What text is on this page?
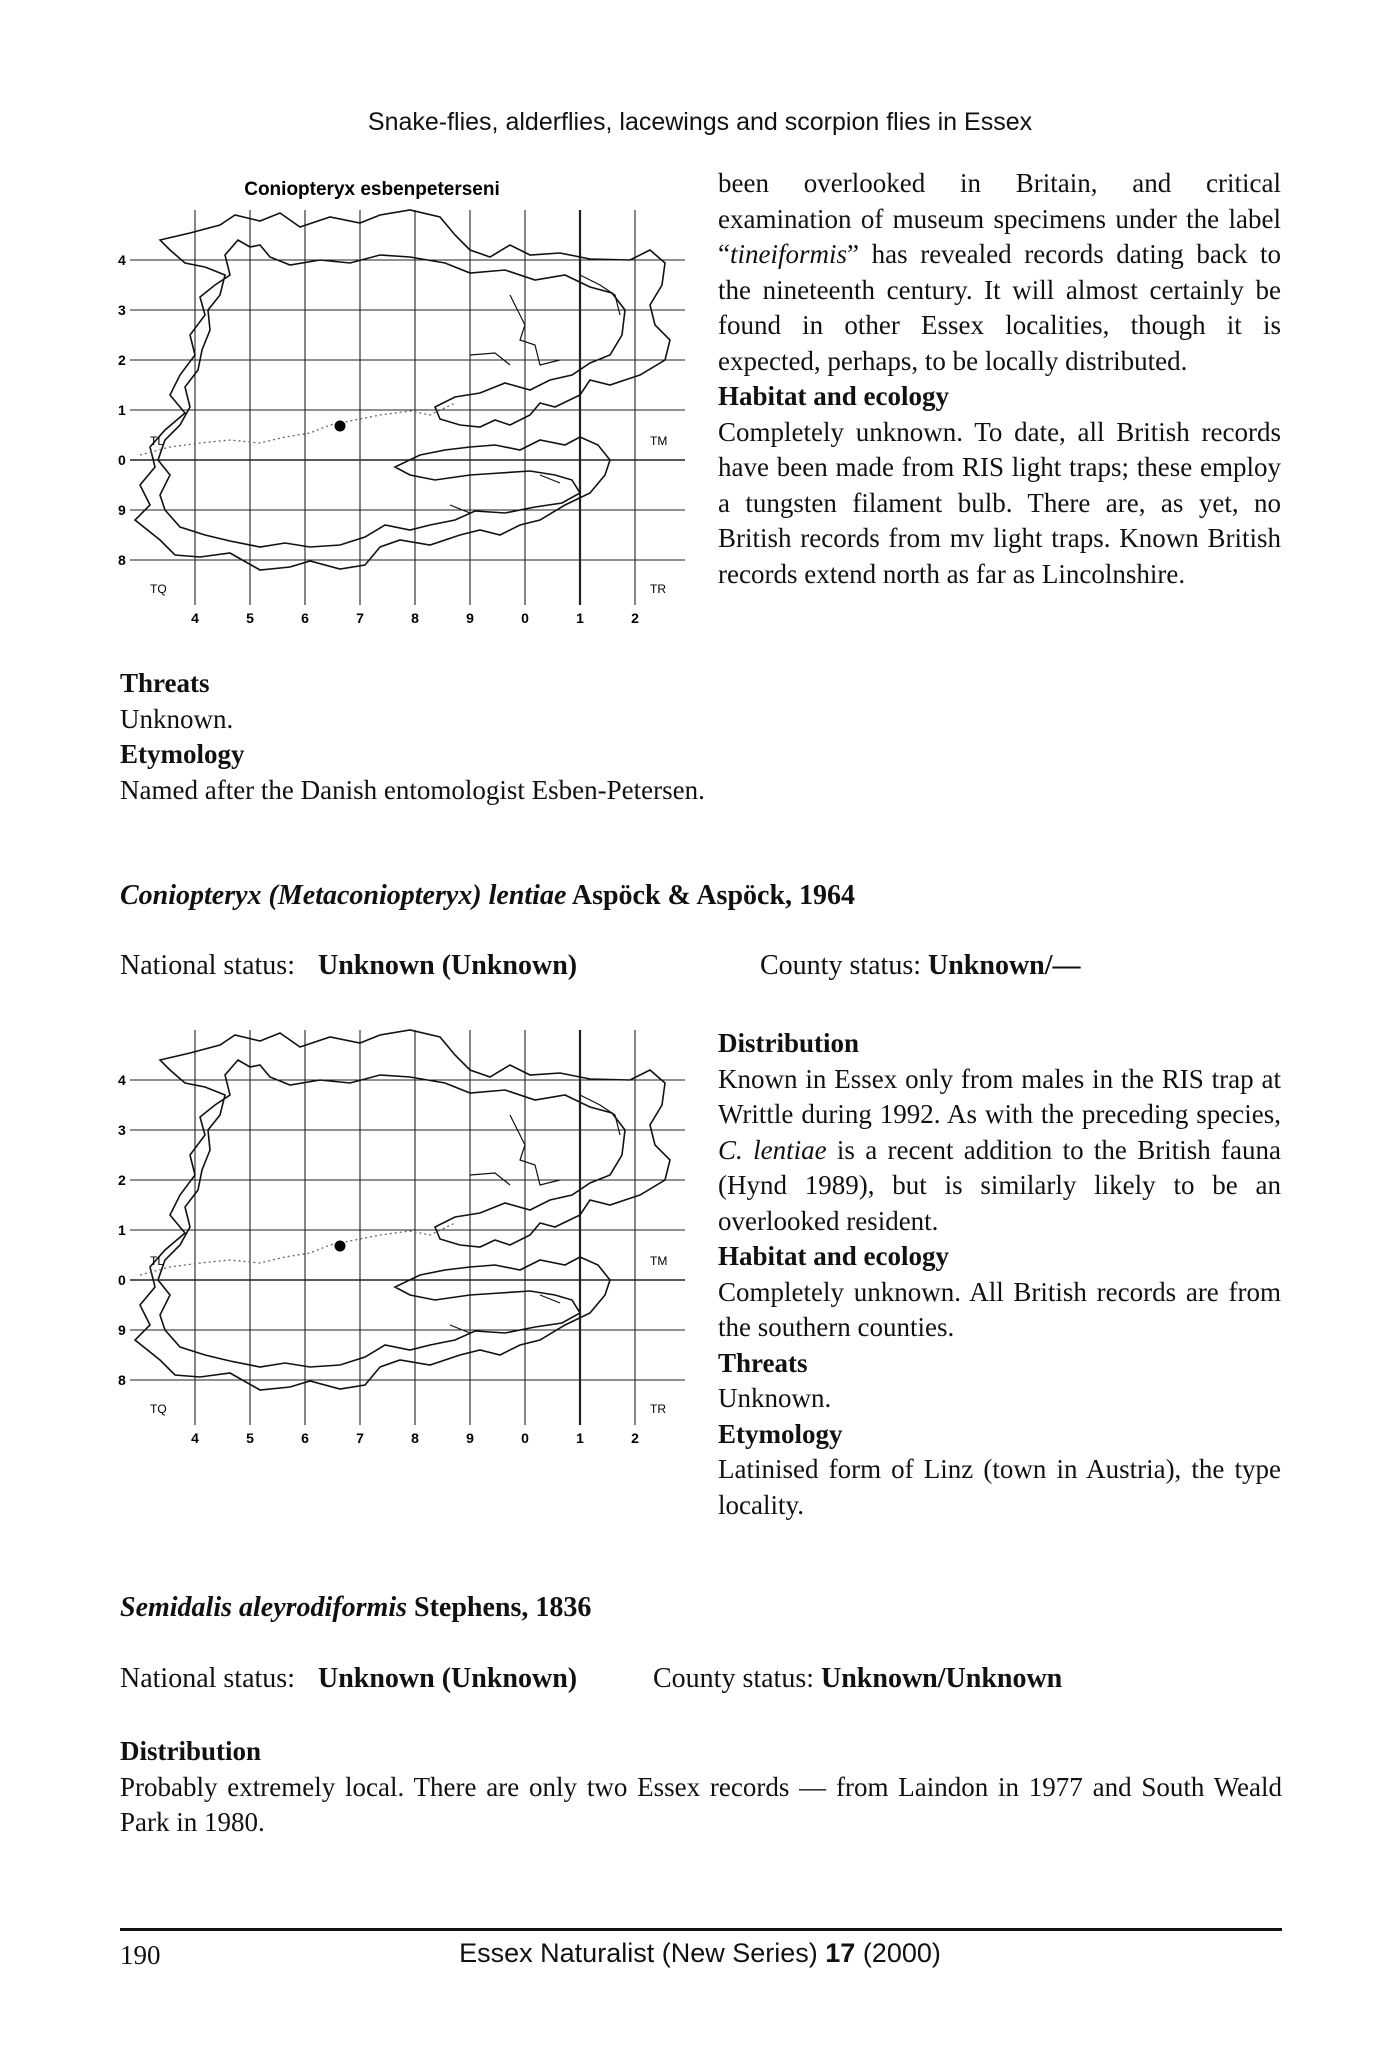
Snake-flies, alderflies, lacewings and scorpion flies in Essex
Coniopteryx esbenpeterseni
4
3
2
1
0
9
8
4	5	6	7	8	9	0	1	2
TL	TM
TQ	TR
been overlooked in Britain, and critical examination of museum specimens under the label “tineiformis” has revealed records dating back to the nineteenth century. It will almost certainly be found in other Essex localities, though it is expected, perhaps, to be locally distributed.
Habitat and ecology
Completely unknown. To date, all British records have been made from RIS light traps; these employ a tungsten filament bulb. There are, as yet, no British records from mv light traps. Known British records extend north as far as Lincolnshire.
Threats
Unknown.
Etymology
Named after the Danish entomologist Esben-Petersen.
Coniopteryx (Metaconiopteryx) lentiae Aspöck & Aspöck, 1964
National status: Unknown (Unknown)	County status: Unknown/—
4
3
2
1
0
9
8
4	5	6	7	8	9	0	1	2
TL	TM
TQ	TR
Distribution
Known in Essex only from males in the RIS trap at Writtle during 1992. As with the preceding species, C. lentiae is a recent addition to the British fauna (Hynd 1989), but is similarly likely to be an overlooked resident.
Habitat and ecology
Completely unknown. All British records are from the southern counties.
Threats
Unknown.
Etymology
Latinised form of Linz (town in Austria), the type locality.
Semidalis aleyrodiformis Stephens, 1836
National status: Unknown (Unknown)	County status: Unknown/Unknown
Distribution
Probably extremely local. There are only two Essex records — from Laindon in 1977 and South Weald Park in 1980.
190	Essex Naturalist (New Series) 17 (2000)
